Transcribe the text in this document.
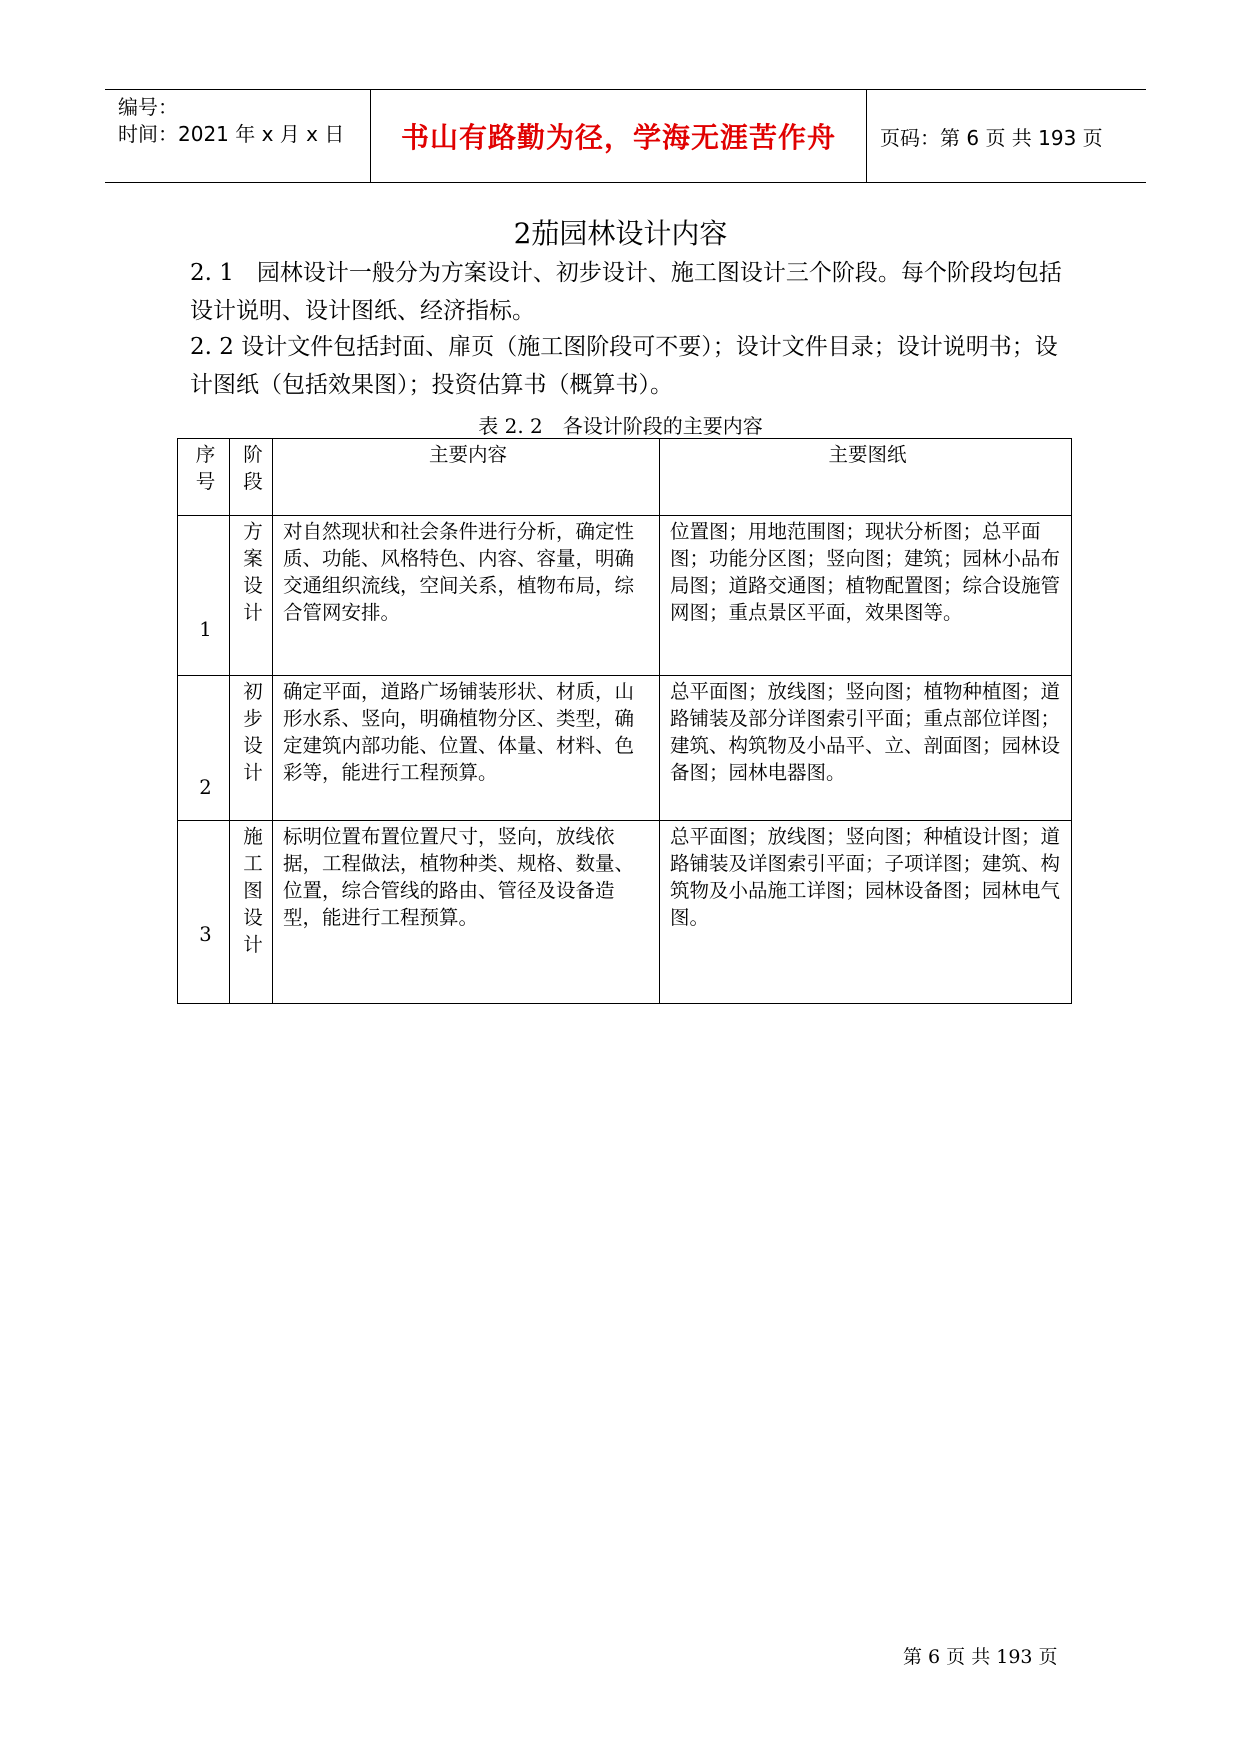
编号：
时间：2021 年 x 月 x 日	书山有路勤为径，学海无涯苦作舟 页码：第 6 页 共 193 页
2茄园林设计内容
2. 1　园林设计一般分为方案设计、初步设计、施工图设计三个阶段。每个阶段均包括设计说明、设计图纸、经济指标。
2. 2 设计文件包括封面、扉页（施工图阶段可不要）；设计文件目录；设计说明书；设计图纸（包括效果图）；投资估算书（概算书）。
表 2. 2　各设计阶段的主要内容
序号	阶段	主要内容	主要图纸

1	方案设计	对自然现状和社会条件进行分析，确定性质、功能、风格特色、内容、容量，明确交通组织流线，空间关系，植物布局，综合管网安排。	位置图；用地范围图；现状分析图；总平面图；功能分区图；竖向图；建筑；园林小品布局图；道路交通图；植物配置图；综合设施管网图；重点景区平面，效果图等。

2	初步设计	确定平面，道路广场铺装形状、材质，山形水系、竖向，明确植物分区、类型，确定建筑内部功能、位置、体量、材料、色彩等，能进行工程预算。	总平面图；放线图；竖向图；植物种植图；道路铺装及部分详图索引平面；重点部位详图；建筑、构筑物及小品平、立、剖面图；园林设备图；园林电器图。

3	施工图设计	标明位置布置位置尺寸，竖向，放线依据，工程做法，植物种类、规格、数量、位置，综合管线的路由、管径及设备造型，能进行工程预算。	总平面图；放线图；竖向图；种植设计图；道路铺装及详图索引平面；子项详图；建筑、构筑物及小品施工详图；园林设备图；园林电气图。
第 6 页 共 193 页
